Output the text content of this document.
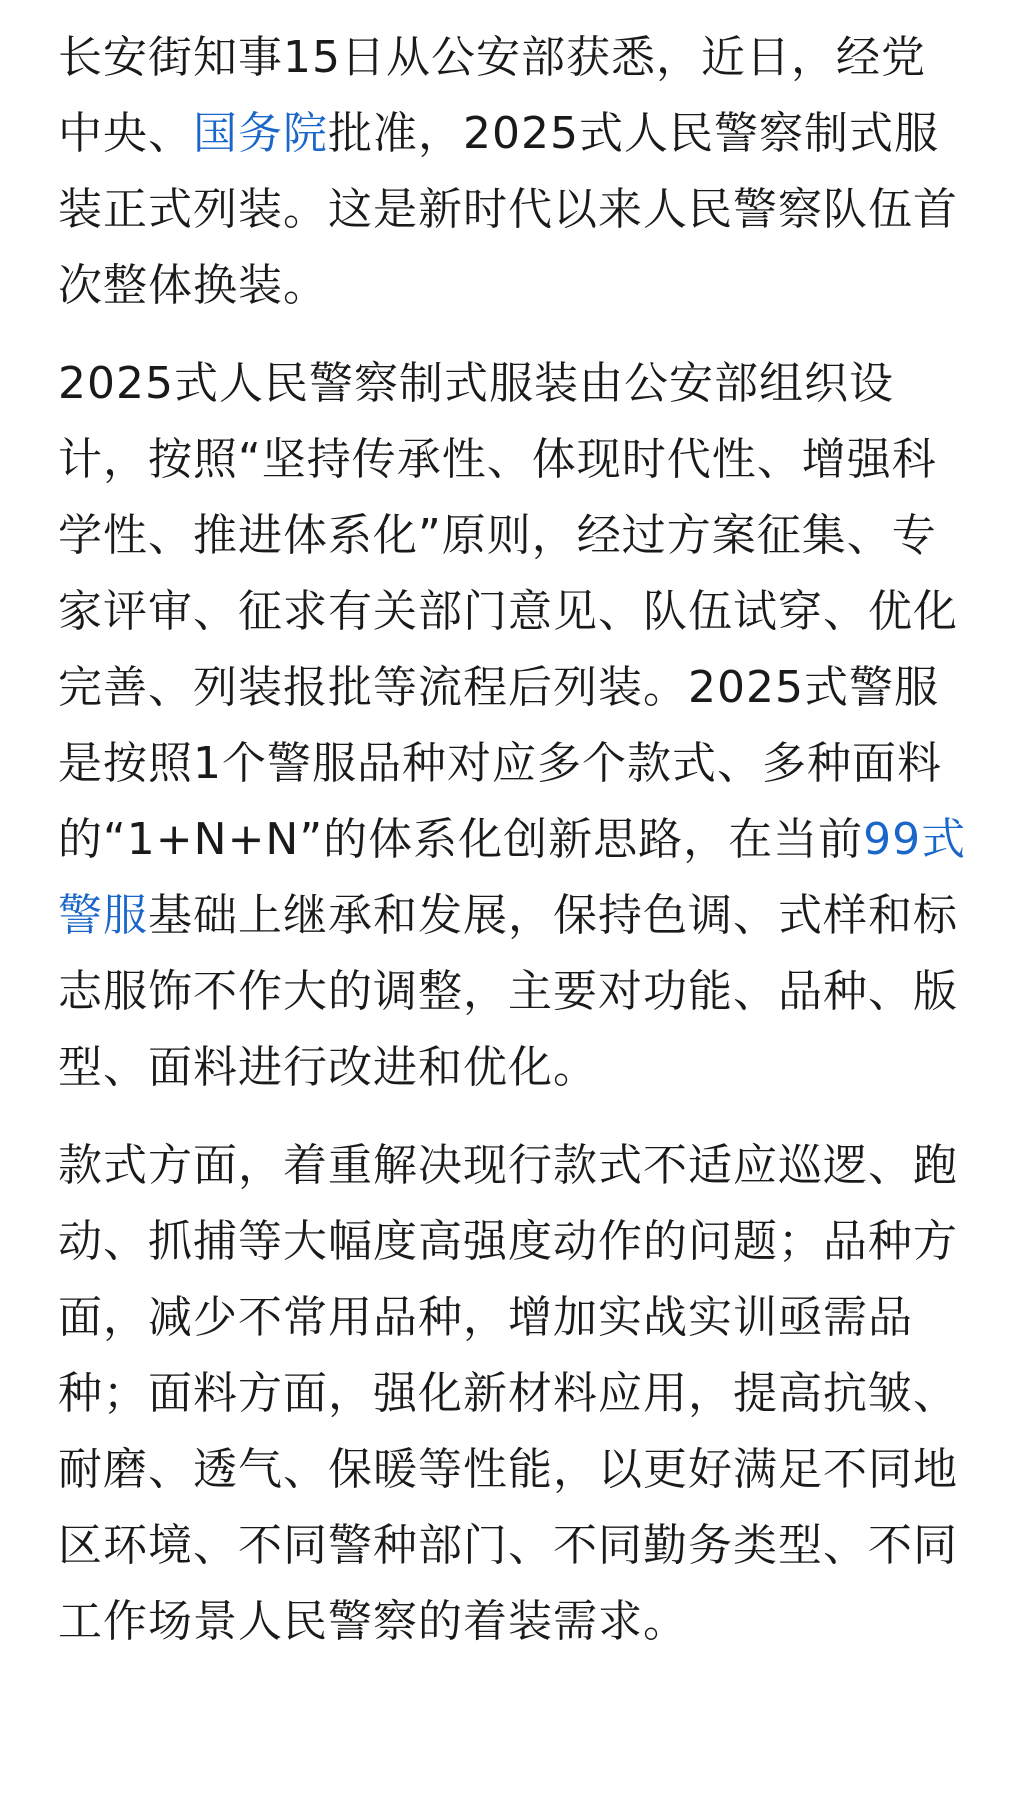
长安街知事15日从公安部获悉，近日，经党中央、国务院批准，2025式人民警察制式服装正式列装。这是新时代以来人民警察队伍首次整体换装。

2025式人民警察制式服装由公安部组织设计，按照“坚持传承性、体现时代性、增强科学性、推进体系化”原则，经过方案征集、专家评审、征求有关部门意见、队伍试穿、优化完善、列装报批等流程后列装。2025式警服是按照1个警服品种对应多个款式、多种面料的“1+N+N”的体系化创新思路，在当前99式警服基础上继承和发展，保持色调、式样和标志服饰不作大的调整，主要对功能、品种、版型、面料进行改进和优化。

款式方面，着重解决现行款式不适应巡逻、跑动、抓捕等大幅度高强度动作的问题；品种方面，减少不常用品种，增加实战实训亟需品种；面料方面，强化新材料应用，提高抗皱、耐磨、透气、保暖等性能，以更好满足不同地区环境、不同警种部门、不同勤务类型、不同工作场景人民警察的着装需求。
